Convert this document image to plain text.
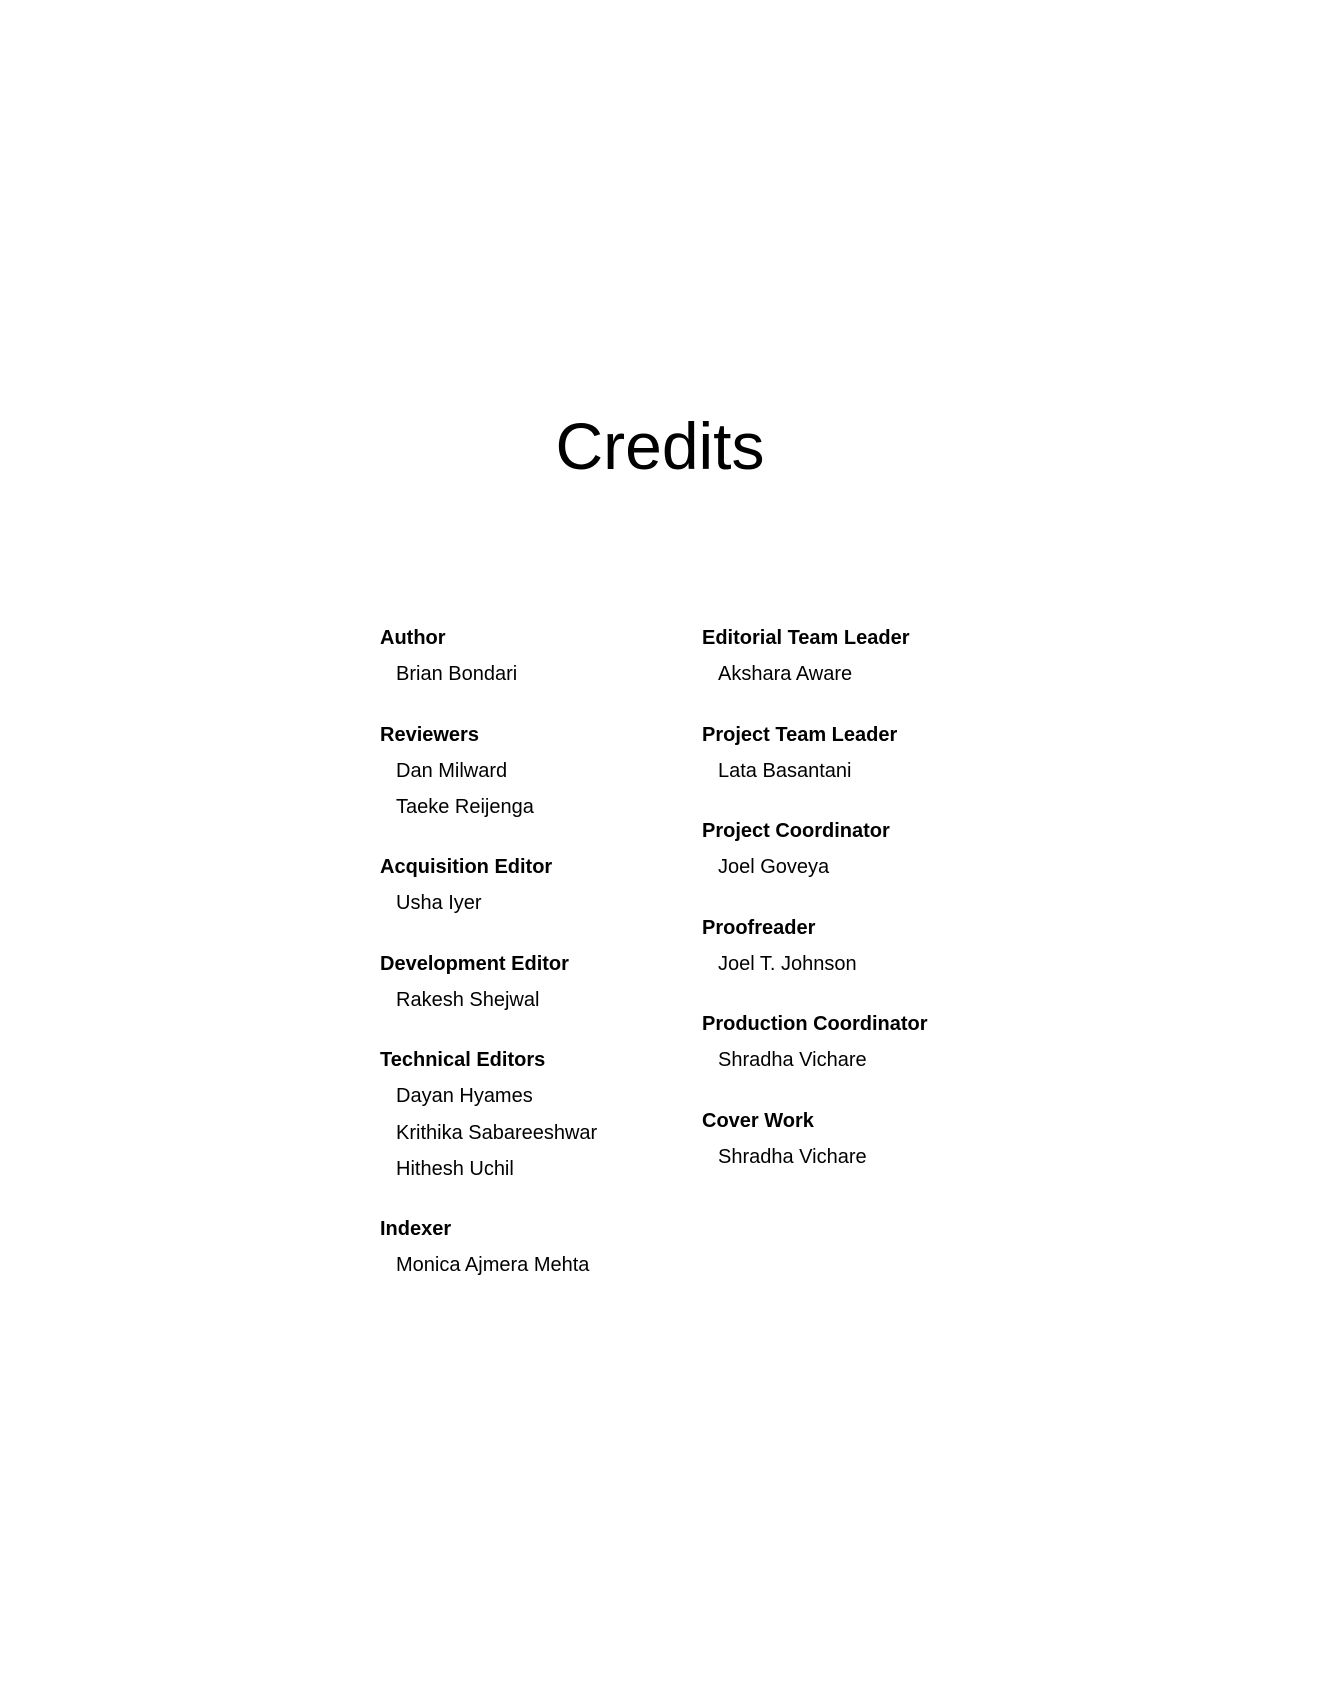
Credits
Author
Brian Bondari
Reviewers
Dan Milward
Taeke Reijenga
Acquisition Editor
Usha Iyer
Development Editor
Rakesh Shejwal
Technical Editors
Dayan Hyames
Krithika Sabareeshwar
Hithesh Uchil
Indexer
Monica Ajmera Mehta
Editorial Team Leader
Akshara Aware
Project Team Leader
Lata Basantani
Project Coordinator
Joel Goveya
Proofreader
Joel T. Johnson
Production Coordinator
Shradha Vichare
Cover Work
Shradha Vichare
